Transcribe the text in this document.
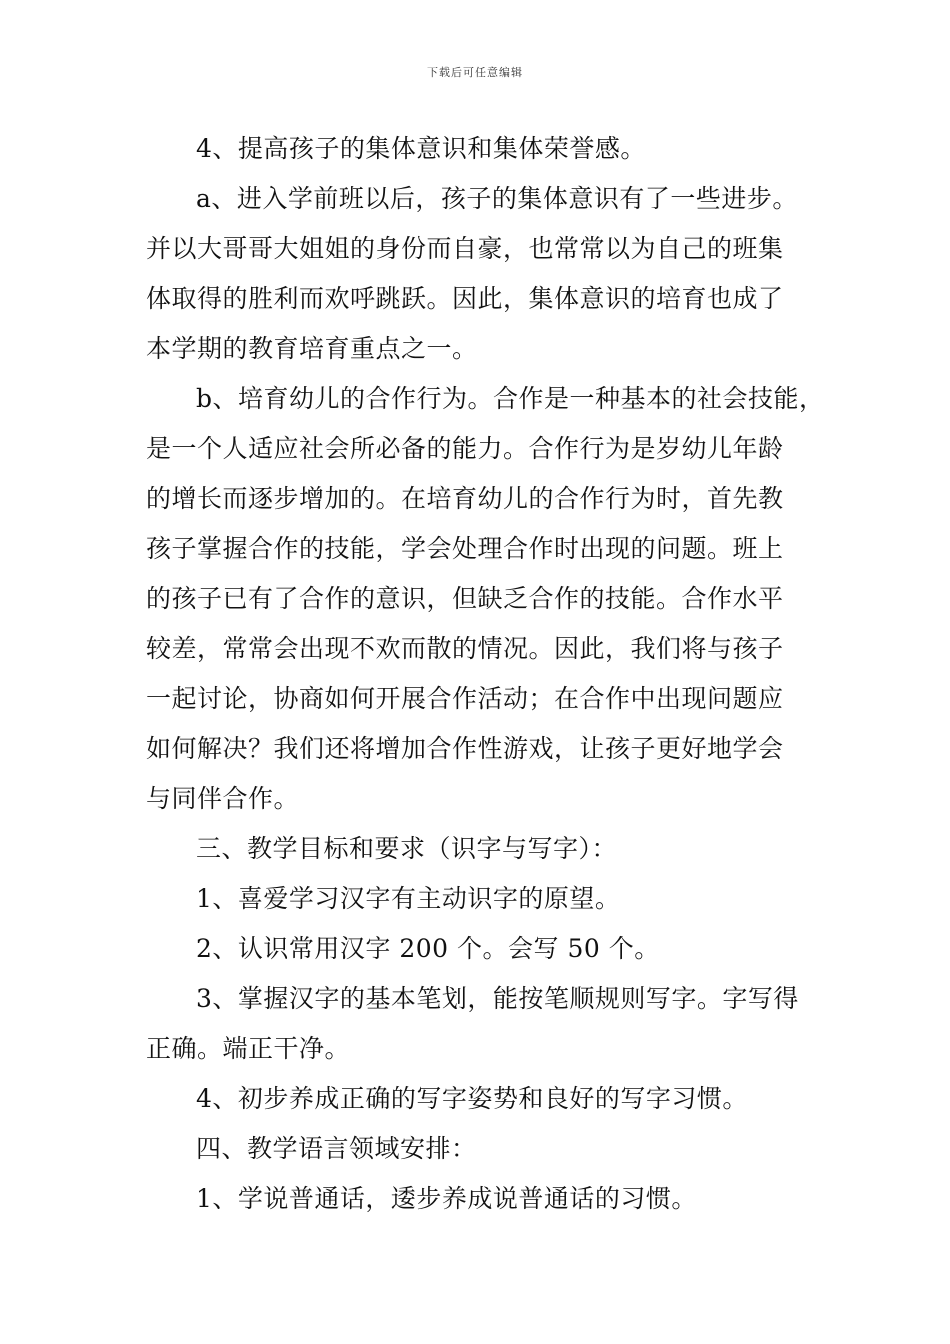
下载后可任意编辑
4、提高孩子的集体意识和集体荣誉感。
a、进入学前班以后，孩子的集体意识有了一些进步。
并以大哥哥大姐姐的身份而自豪，也常常以为自己的班集
体取得的胜利而欢呼跳跃。因此，集体意识的培育也成了
本学期的教育培育重点之一。
b、培育幼儿的合作行为。合作是一种基本的社会技能，
是一个人适应社会所必备的能力。合作行为是岁幼儿年龄
的增长而逐步增加的。在培育幼儿的合作行为时，首先教
孩子掌握合作的技能，学会处理合作时出现的问题。班上
的孩子已有了合作的意识，但缺乏合作的技能。合作水平
较差，常常会出现不欢而散的情况。因此，我们将与孩子
一起讨论，协商如何开展合作活动；在合作中出现问题应
如何解决？我们还将增加合作性游戏，让孩子更好地学会
与同伴合作。
三、教学目标和要求（识字与写字）：
1、喜爱学习汉字有主动识字的原望。
2、认识常用汉字 200 个。会写 50 个。
3、掌握汉字的基本笔划，能按笔顺规则写字。字写得
正确。端正干净。
4、初步养成正确的写字姿势和良好的写字习惯。
四、教学语言领域安排：
1、学说普通话，逶步养成说普通话的习惯。
